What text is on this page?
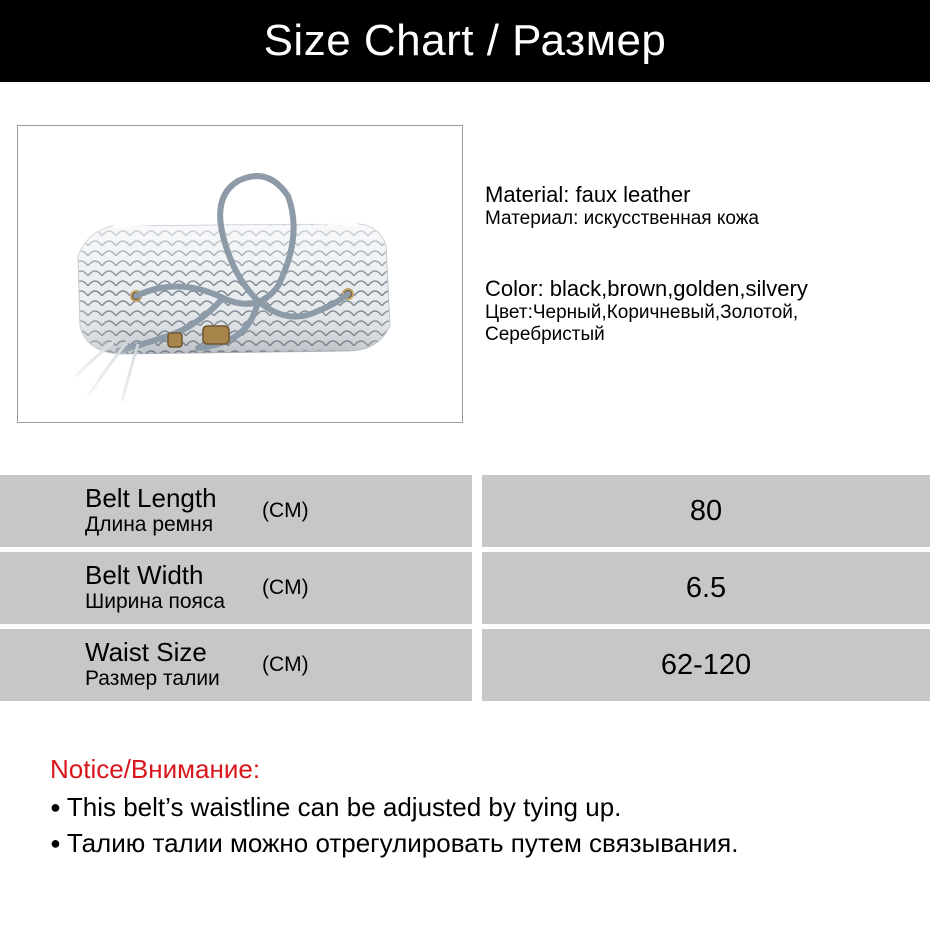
Size Chart / Размер
Material: faux leather
Материал: искусственная кожа
Color: black,brown,golden,silvery
Цвет:Черный,Коричневый,Золотой,
Серебристый
Belt Length
Длина ремня
(CM)	80
Belt Width
Ширина пояса
(CM)	6.5
Waist Size
Размер талии
(CM)	62-120
Notice/Внимание:
● This belt’s waistline can be adjusted by tying up.
● Талию талии можно отрегулировать путем связывания.
